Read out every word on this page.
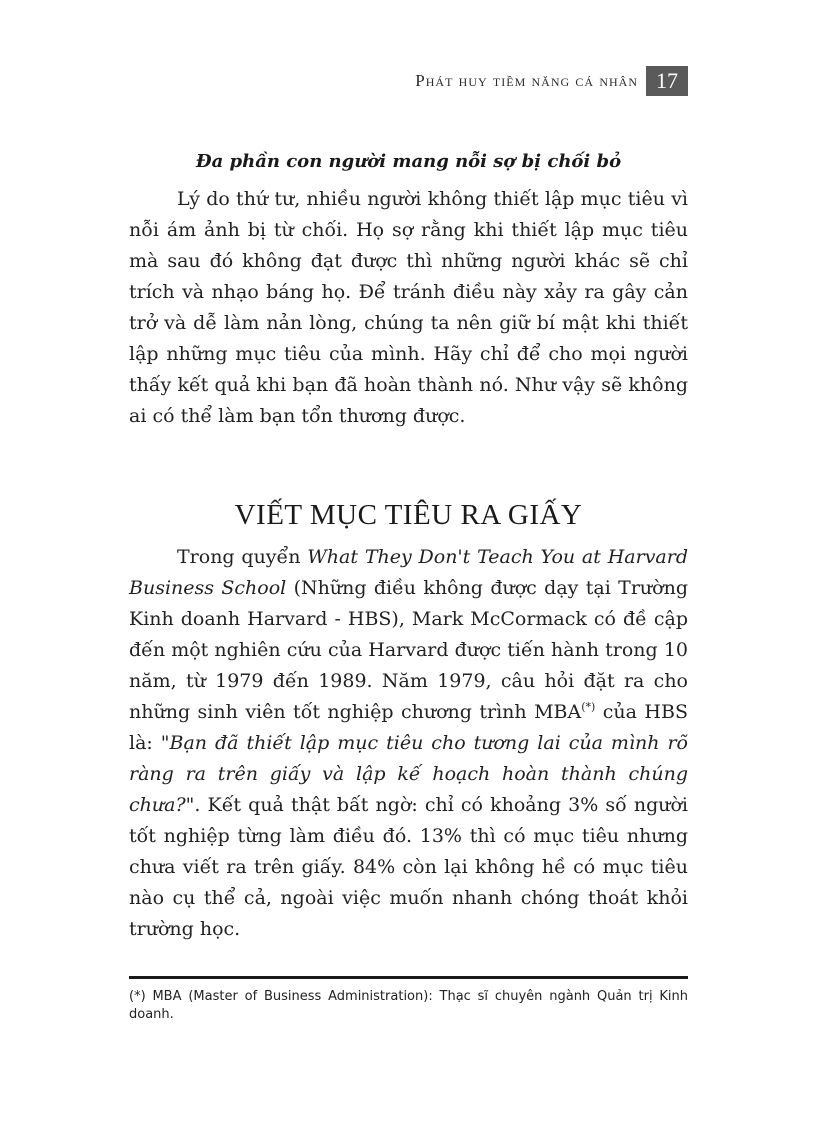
Phát huy tiềm năng cá nhân 17
Đa phần con người mang nỗi sợ bị chối bỏ

Lý do thứ tư, nhiều người không thiết lập mục tiêu vì nỗi ám ảnh bị từ chối. Họ sợ rằng khi thiết lập mục tiêu mà sau đó không đạt được thì những người khác sẽ chỉ trích và nhạo báng họ. Để tránh điều này xảy ra gây cản trở và dễ làm nản lòng, chúng ta nên giữ bí mật khi thiết lập những mục tiêu của mình. Hãy chỉ để cho mọi người thấy kết quả khi bạn đã hoàn thành nó. Như vậy sẽ không ai có thể làm bạn tổn thương được.

VIẾT MỤC TIÊU RA GIẤY

Trong quyển What They Don't Teach You at Harvard Business School (Những điều không được dạy tại Trường Kinh doanh Harvard - HBS), Mark McCormack có đề cập đến một nghiên cứu của Harvard được tiến hành trong 10 năm, từ 1979 đến 1989. Năm 1979, câu hỏi đặt ra cho những sinh viên tốt nghiệp chương trình MBA(*) của HBS là: "Bạn đã thiết lập mục tiêu cho tương lai của mình rõ ràng ra trên giấy và lập kế hoạch hoàn thành chúng chưa?". Kết quả thật bất ngờ: chỉ có khoảng 3% số người tốt nghiệp từng làm điều đó. 13% thì có mục tiêu nhưng chưa viết ra trên giấy. 84% còn lại không hề có mục tiêu nào cụ thể cả, ngoài việc muốn nhanh chóng thoát khỏi trường học.

(*) MBA (Master of Business Administration): Thạc sĩ chuyên ngành Quản trị Kinh doanh.
